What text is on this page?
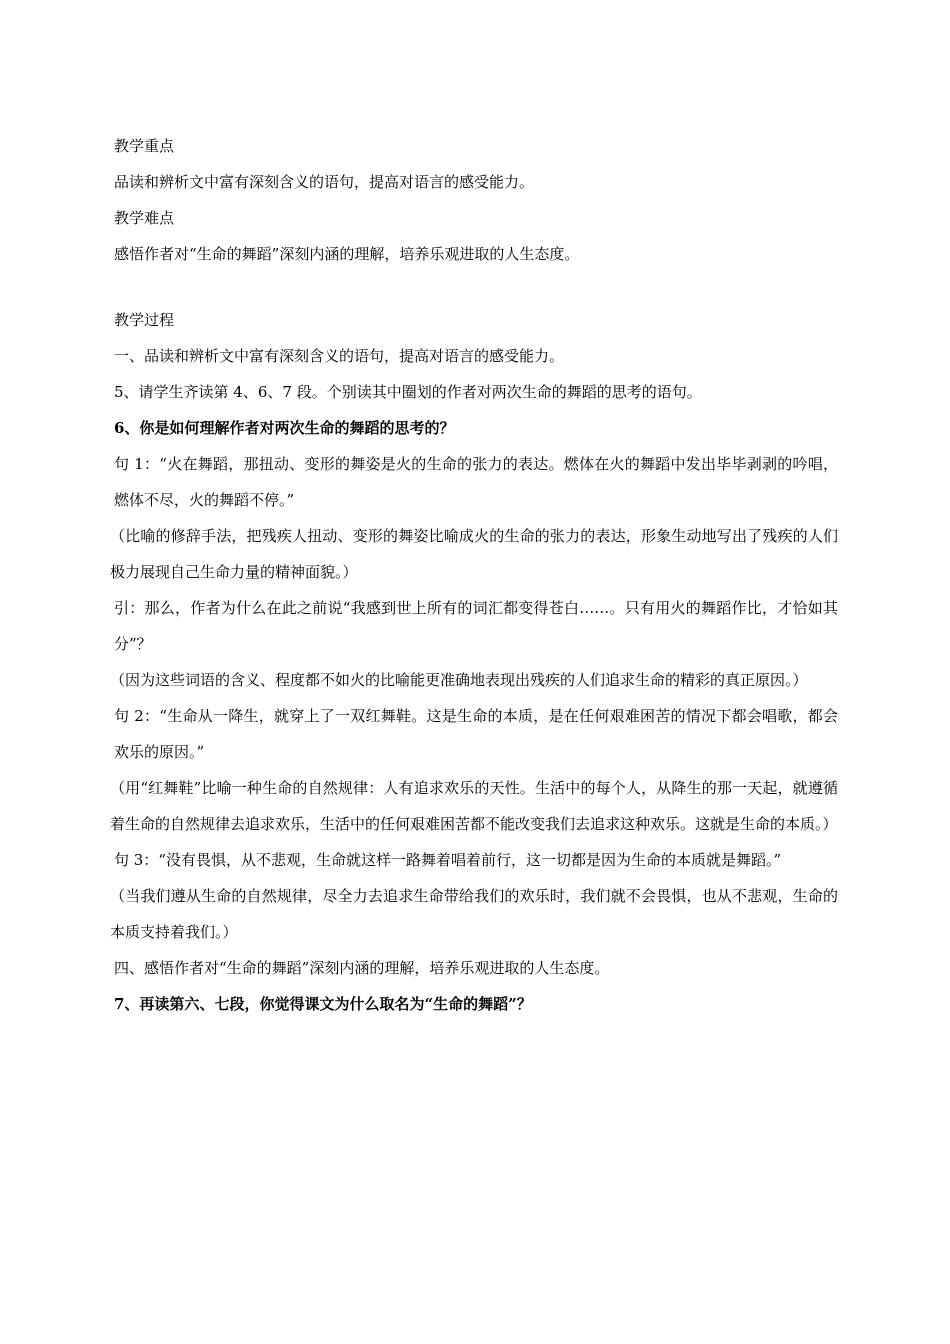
教学重点

品读和辨析文中富有深刻含义的语句，提高对语言的感受能力。

教学难点

感悟作者对“生命的舞蹈”深刻内涵的理解，培养乐观进取的人生态度。

教学过程

一、品读和辨析文中富有深刻含义的语句，提高对语言的感受能力。

5、请学生齐读第 4、6、7 段。个别读其中圈划的作者对两次生命的舞蹈的思考的语句。

6、你是如何理解作者对两次生命的舞蹈的思考的？

句 1：“火在舞蹈，那扭动、变形的舞姿是火的生命的张力的表达。燃体在火的舞蹈中发出毕毕剥剥的吟唱，燃体不尽，火的舞蹈不停。”

（比喻的修辞手法，把残疾人扭动、变形的舞姿比喻成火的生命的张力的表达，形象生动地写出了残疾的人们极力展现自己生命力量的精神面貌。）

引：那么，作者为什么在此之前说“我感到世上所有的词汇都变得苍白……。只有用火的舞蹈作比，才恰如其分”？

（因为这些词语的含义、程度都不如火的比喻能更准确地表现出残疾的人们追求生命的精彩的真正原因。）

句 2：“生命从一降生，就穿上了一双红舞鞋。这是生命的本质，是在任何艰难困苦的情况下都会唱歌，都会欢乐的原因。”

（用“红舞鞋”比喻一种生命的自然规律：人有追求欢乐的天性。生活中的每个人，从降生的那一天起，就遵循着生命的自然规律去追求欢乐，生活中的任何艰难困苦都不能改变我们去追求这种欢乐。这就是生命的本质。）

句 3：“没有畏惧，从不悲观，生命就这样一路舞着唱着前行，这一切都是因为生命的本质就是舞蹈。”

（当我们遵从生命的自然规律，尽全力去追求生命带给我们的欢乐时，我们就不会畏惧，也从不悲观，生命的本质支持着我们。）

四、感悟作者对“生命的舞蹈”深刻内涵的理解，培养乐观进取的人生态度。

7、再读第六、七段，你觉得课文为什么取名为“生命的舞蹈”？
